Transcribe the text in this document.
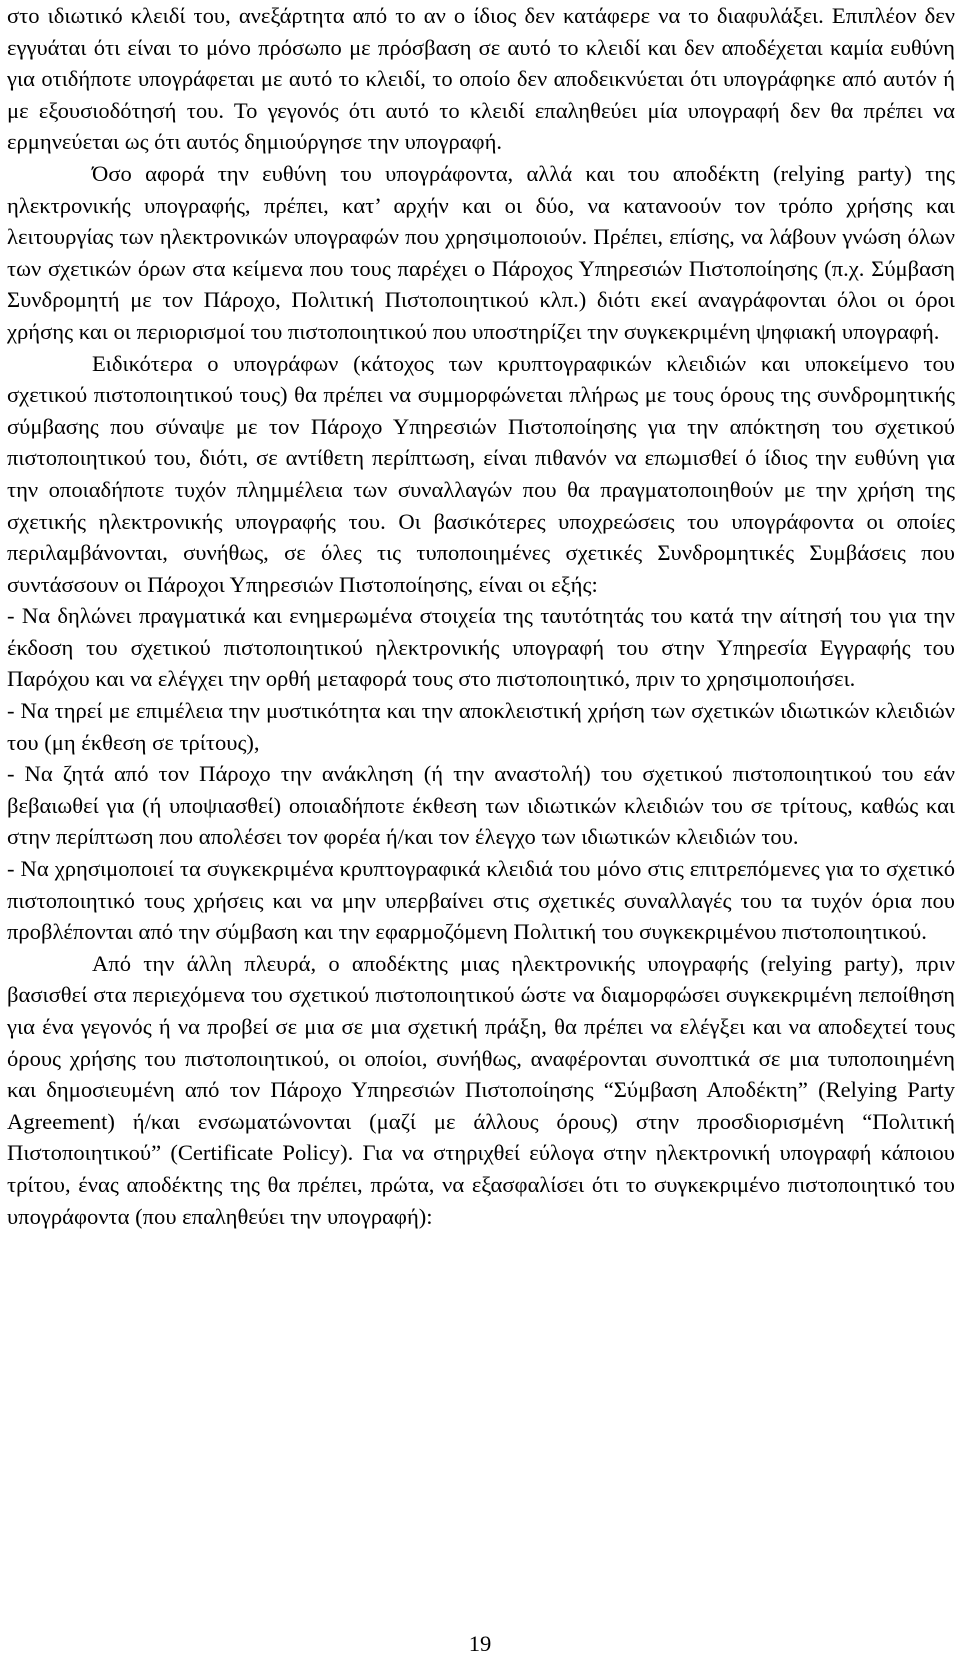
στο ιδιωτικό κλειδί του, ανεξάρτητα από το αν ο ίδιος δεν κατάφερε να το διαφυλάξει. Επιπλέον δεν εγγυάται ότι είναι το μόνο πρόσωπο με πρόσβαση σε αυτό το κλειδί και δεν αποδέχεται καμία ευθύνη για οτιδήποτε υπογράφεται με αυτό το κλειδί, το οποίο δεν αποδεικνύεται ότι υπογράφηκε από αυτόν ή με εξουσιοδότησή του. Το γεγονός ότι αυτό το κλειδί επαληθεύει μία υπογραφή δεν θα πρέπει να ερμηνεύεται ως ότι αυτός δημιούργησε την υπογραφή.

Όσο αφορά την ευθύνη του υπογράφοντα, αλλά και του αποδέκτη (relying party) της ηλεκτρονικής υπογραφής, πρέπει, κατ’ αρχήν και οι δύο, να κατανοούν τον τρόπο χρήσης και λειτουργίας των ηλεκτρονικών υπογραφών που χρησιμοποιούν. Πρέπει, επίσης, να λάβουν γνώση όλων των σχετικών όρων στα κείμενα που τους παρέχει ο Πάροχος Υπηρεσιών Πιστοποίησης (π.χ. Σύμβαση Συνδρομητή με τον Πάροχο, Πολιτική Πιστοποιητικού κλπ.) διότι εκεί αναγράφονται όλοι οι όροι χρήσης και οι περιορισμοί του πιστοποιητικού που υποστηρίζει την συγκεκριμένη ψηφιακή υπογραφή.

Ειδικότερα ο υπογράφων (κάτοχος των κρυπτογραφικών κλειδιών και υποκείμενο του σχετικού πιστοποιητικού τους) θα πρέπει να συμμορφώνεται πλήρως με τους όρους της συνδρομητικής σύμβασης που σύναψε με τον Πάροχο Υπηρεσιών Πιστοποίησης για την απόκτηση του σχετικού πιστοποιητικού του, διότι, σε αντίθετη περίπτωση, είναι πιθανόν να επωμισθεί ό ίδιος την ευθύνη για την οποιαδήποτε τυχόν πλημμέλεια των συναλλαγών που θα πραγματοποιηθούν με την χρήση της σχετικής ηλεκτρονικής υπογραφής του. Οι βασικότερες υποχρεώσεις του υπογράφοντα οι οποίες περιλαμβάνονται, συνήθως, σε όλες τις τυποποιημένες σχετικές Συνδρομητικές Συμβάσεις που συντάσσουν οι Πάροχοι Υπηρεσιών Πιστοποίησης, είναι οι εξής:

- Να δηλώνει πραγματικά και ενημερωμένα στοιχεία της ταυτότητάς του κατά την αίτησή του για την έκδοση του σχετικού πιστοποιητικού ηλεκτρονικής υπογραφή του στην Υπηρεσία Εγγραφής του Παρόχου και να ελέγχει την ορθή μεταφορά τους στο πιστοποιητικό, πριν το χρησιμοποιήσει.

- Να τηρεί με επιμέλεια την μυστικότητα και την αποκλειστική χρήση των σχετικών ιδιωτικών κλειδιών του (μη έκθεση σε τρίτους),

- Να ζητά από τον Πάροχο την ανάκληση (ή την αναστολή) του σχετικού πιστοποιητικού του εάν βεβαιωθεί για (ή υποψιασθεί) οποιαδήποτε έκθεση των ιδιωτικών κλειδιών του σε τρίτους, καθώς και στην περίπτωση που απολέσει τον φορέα ή/και τον έλεγχο των ιδιωτικών κλειδιών του.

- Να χρησιμοποιεί τα συγκεκριμένα κρυπτογραφικά κλειδιά του μόνο στις επιτρεπόμενες για το σχετικό πιστοποιητικό τους χρήσεις και να μην υπερβαίνει στις σχετικές συναλλαγές του τα τυχόν όρια που προβλέπονται από την σύμβαση και την εφαρμοζόμενη Πολιτική του συγκεκριμένου πιστοποιητικού.

Από την άλλη πλευρά, ο αποδέκτης μιας ηλεκτρονικής υπογραφής (relying party), πριν βασισθεί στα περιεχόμενα του σχετικού πιστοποιητικού ώστε να διαμορφώσει συγκεκριμένη πεποίθηση για ένα γεγονός ή να προβεί σε μια σε μια σχετική πράξη, θα πρέπει να ελέγξει και να αποδεχτεί τους όρους χρήσης του πιστοποιητικού, οι οποίοι, συνήθως, αναφέρονται συνοπτικά σε μια τυποποιημένη και δημοσιευμένη από τον Πάροχο Υπηρεσιών Πιστοποίησης “Σύμβαση Αποδέκτη” (Relying Party Agreement) ή/και ενσωματώνονται (μαζί με άλλους όρους) στην προσδιορισμένη “Πολιτική Πιστοποιητικού” (Certificate Policy). Για να στηριχθεί εύλογα στην ηλεκτρονική υπογραφή κάποιου τρίτου, ένας αποδέκτης της θα πρέπει, πρώτα, να εξασφαλίσει ότι το συγκεκριμένο πιστοποιητικό του υπογράφοντα (που επαληθεύει την υπογραφή):

19
